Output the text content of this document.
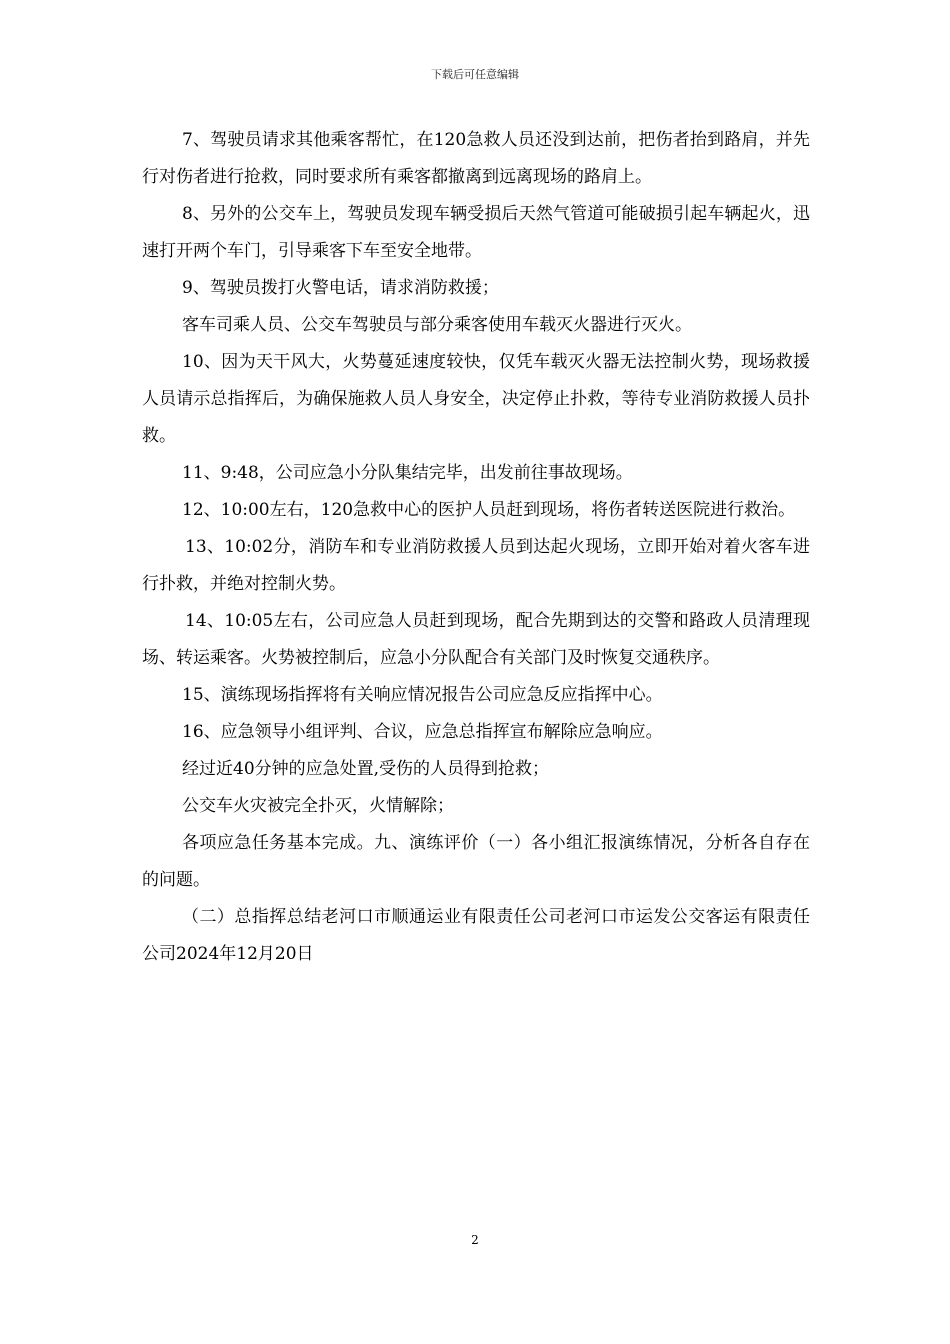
下载后可任意编辑

7、驾驶员请求其他乘客帮忙，在120急救人员还没到达前，把伤者抬到路肩，并先行对伤者进行抢救，同时要求所有乘客都撤离到远离现场的路肩上。

8、另外的公交车上，驾驶员发现车辆受损后天然气管道可能破损引起车辆起火，迅速打开两个车门，引导乘客下车至安全地带。

9、驾驶员拨打火警电话，请求消防救援；

客车司乘人员、公交车驾驶员与部分乘客使用车载灭火器进行灭火。

10、因为天干风大，火势蔓延速度较快，仅凭车载灭火器无法控制火势，现场救援人员请示总指挥后，为确保施救人员人身安全，决定停止扑救，等待专业消防救援人员扑救。

11、9:48，公司应急小分队集结完毕，出发前往事故现场。

12、10:00左右，120急救中心的医护人员赶到现场，将伤者转送医院进行救治。

13、10:02分，消防车和专业消防救援人员到达起火现场，立即开始对着火客车进行扑救，并绝对控制火势。

14、10:05左右，公司应急人员赶到现场，配合先期到达的交警和路政人员清理现场、转运乘客。火势被控制后，应急小分队配合有关部门及时恢复交通秩序。

15、演练现场指挥将有关响应情况报告公司应急反应指挥中心。

16、应急领导小组评判、合议，应急总指挥宣布解除应急响应。

经过近40分钟的应急处置,受伤的人员得到抢救；

公交车火灾被完全扑灭，火情解除；

各项应急任务基本完成。九、演练评价（一）各小组汇报演练情况，分析各自存在的问题。

（二）总指挥总结老河口市顺通运业有限责任公司老河口市运发公交客运有限责任公司2024年12月20日

2
